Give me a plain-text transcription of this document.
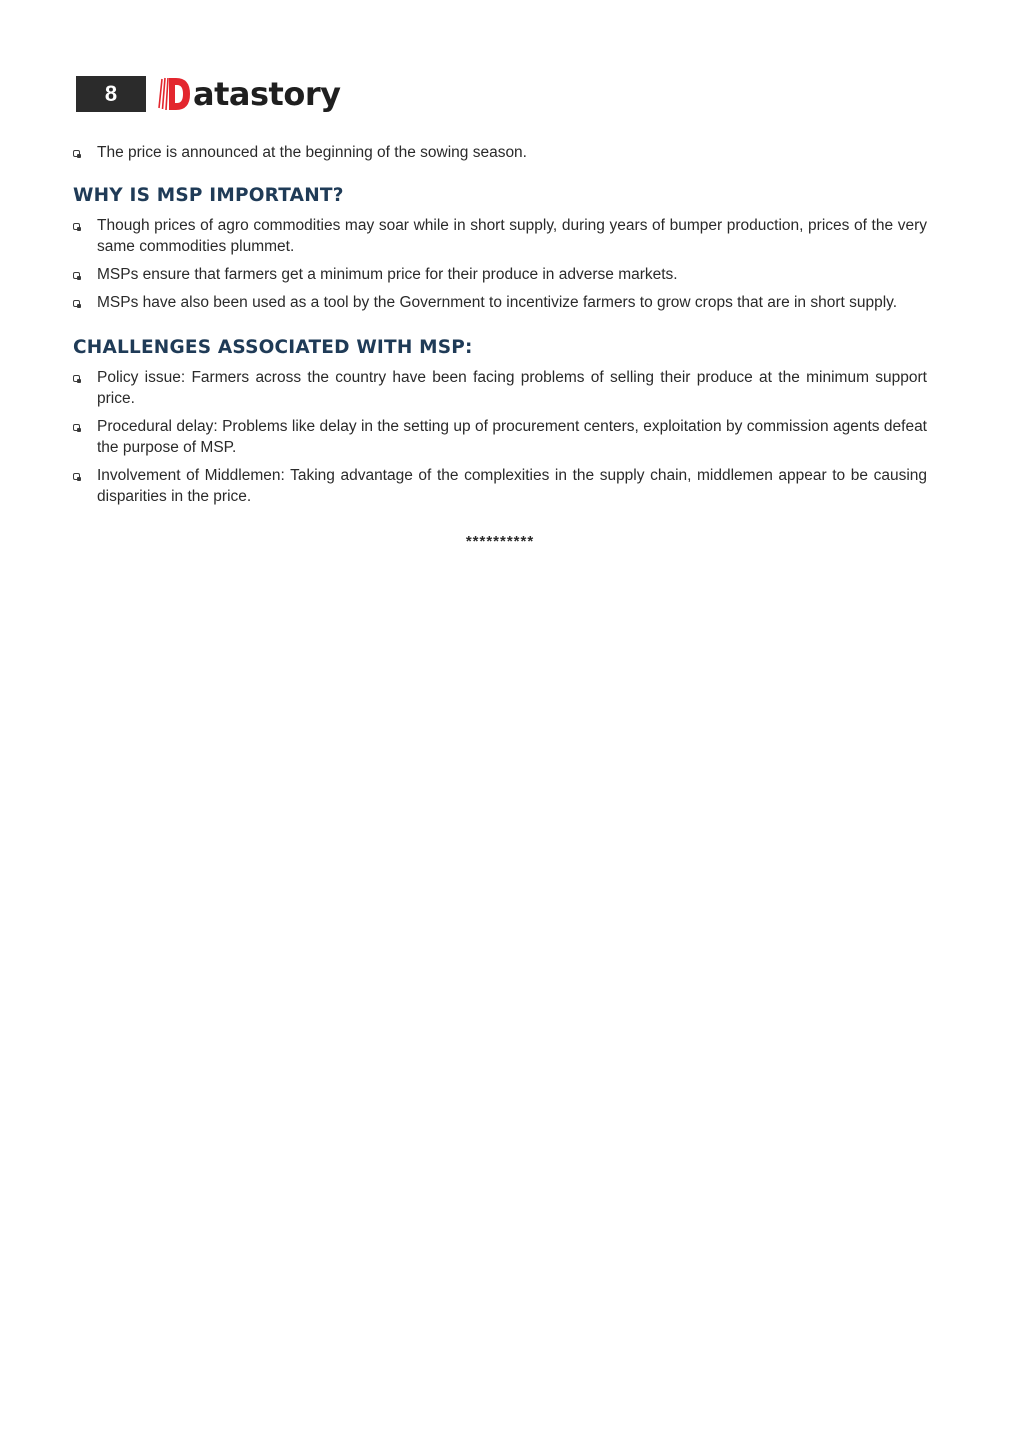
8	atastory
The price is announced at the beginning of the sowing season.
WHY IS MSP IMPORTANT?
Though prices of agro commodities may soar while in short supply, during years of bumper production, prices of the very same commodities plummet.
MSPs ensure that farmers get a minimum price for their produce in adverse markets.
MSPs have also been used as a tool by the Government to incentivize farmers to grow crops that are in short supply.
CHALLENGES ASSOCIATED WITH MSP:
Policy issue: Farmers across the country have been facing problems of selling their produce at the minimum support price.
Procedural delay: Problems like delay in the setting up of procurement centers, exploitation by commission agents defeat the purpose of MSP.
Involvement of Middlemen: Taking advantage of the complexities in the supply chain, middlemen appear to be causing disparities in the price.
**********
